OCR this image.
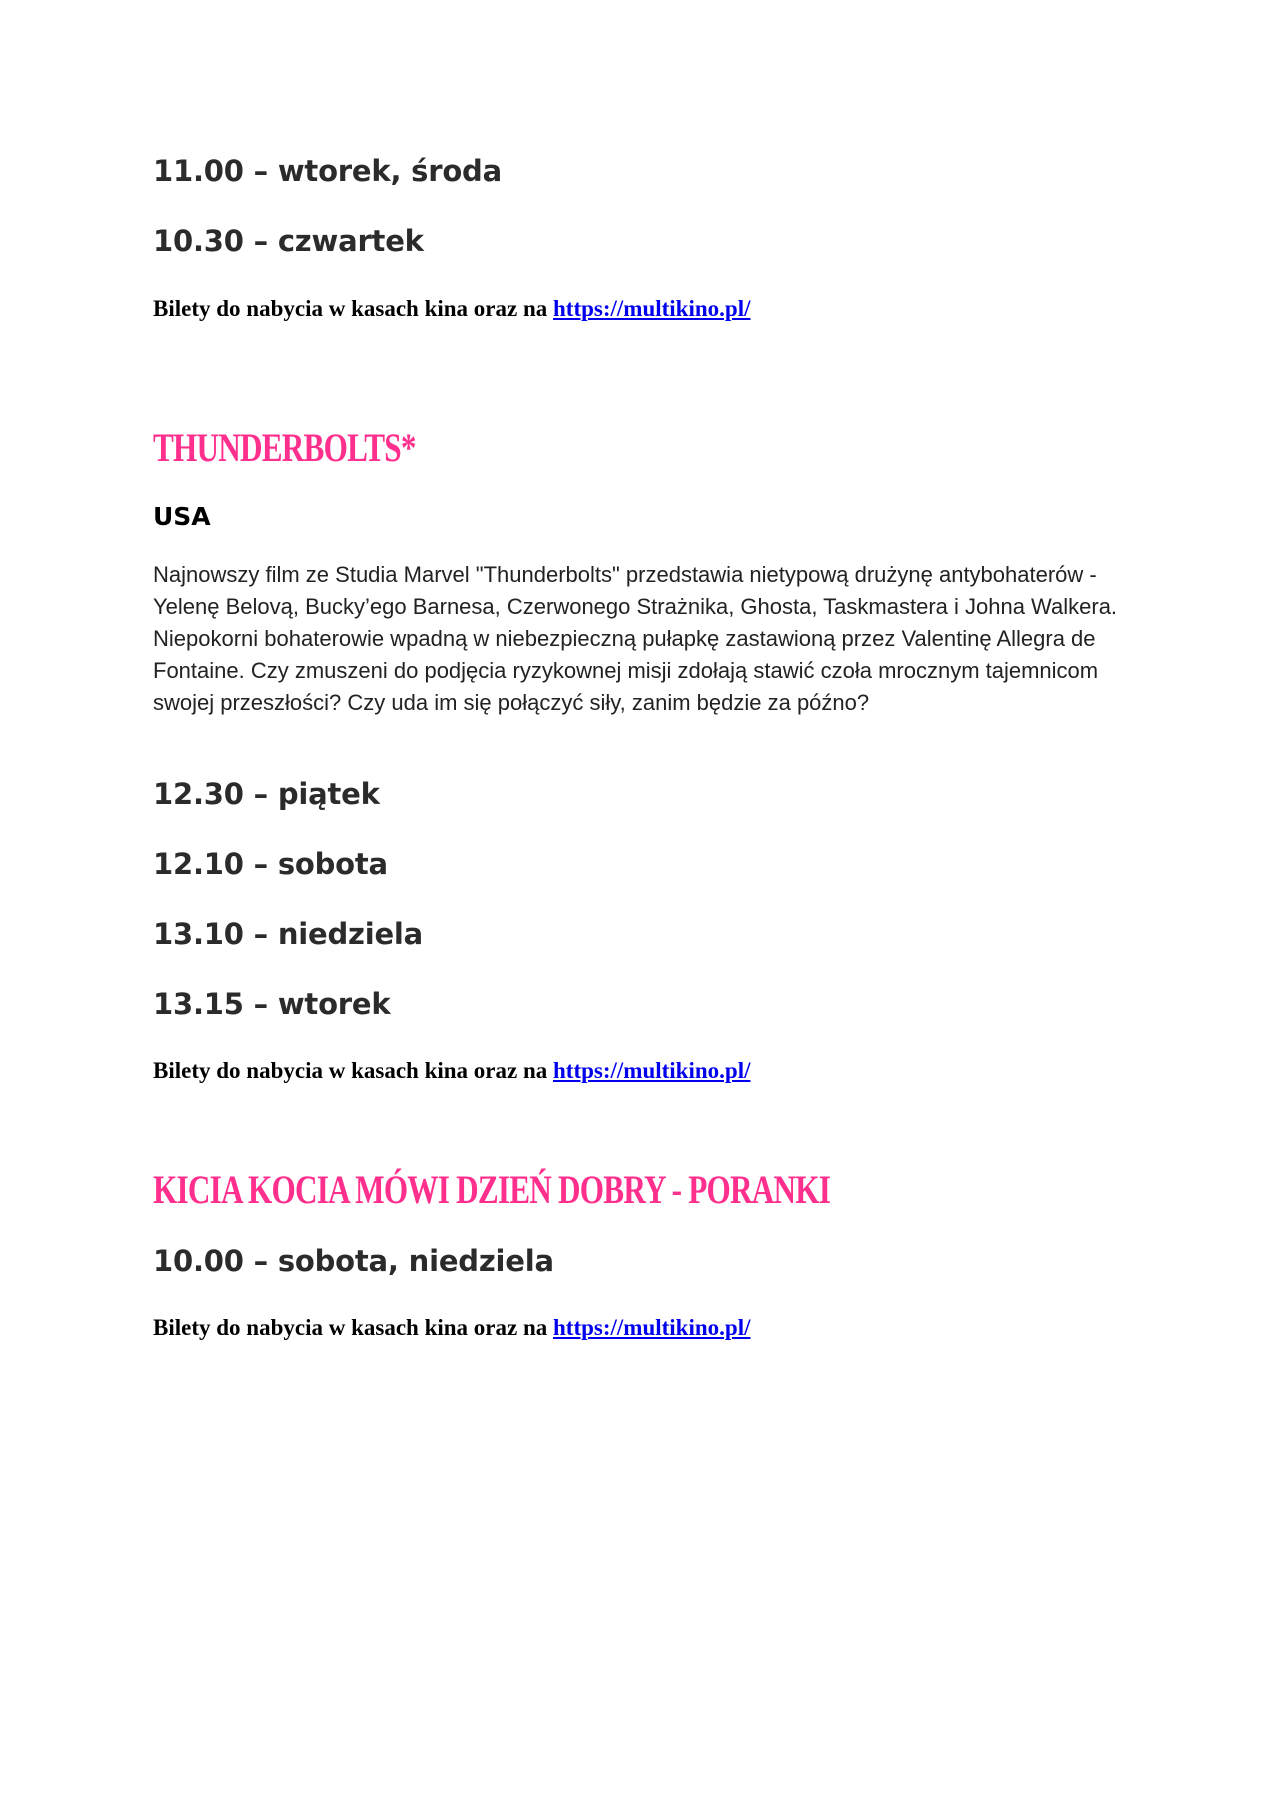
11.00 – wtorek, środa

10.30 – czwartek

Bilety do nabycia w kasach kina oraz na https://multikino.pl/

THUNDERBOLTS*

USA

Najnowszy film ze Studia Marvel "Thunderbolts" przedstawia nietypową drużynę antybohaterów - Yelenę Belovą, Bucky’ego Barnesa, Czerwonego Strażnika, Ghosta, Taskmastera i Johna Walkera. Niepokorni bohaterowie wpadną w niebezpieczną pułapkę zastawioną przez Valentinę Allegra de Fontaine. Czy zmuszeni do podjęcia ryzykownej misji zdołają stawić czoła mrocznym tajemnicom swojej przeszłości? Czy uda im się połączyć siły, zanim będzie za późno?

12.30 – piątek

12.10 – sobota

13.10 – niedziela

13.15 – wtorek

Bilety do nabycia w kasach kina oraz na https://multikino.pl/

KICIA KOCIA MÓWI DZIEŃ DOBRY - PORANKI

10.00 – sobota, niedziela

Bilety do nabycia w kasach kina oraz na https://multikino.pl/
